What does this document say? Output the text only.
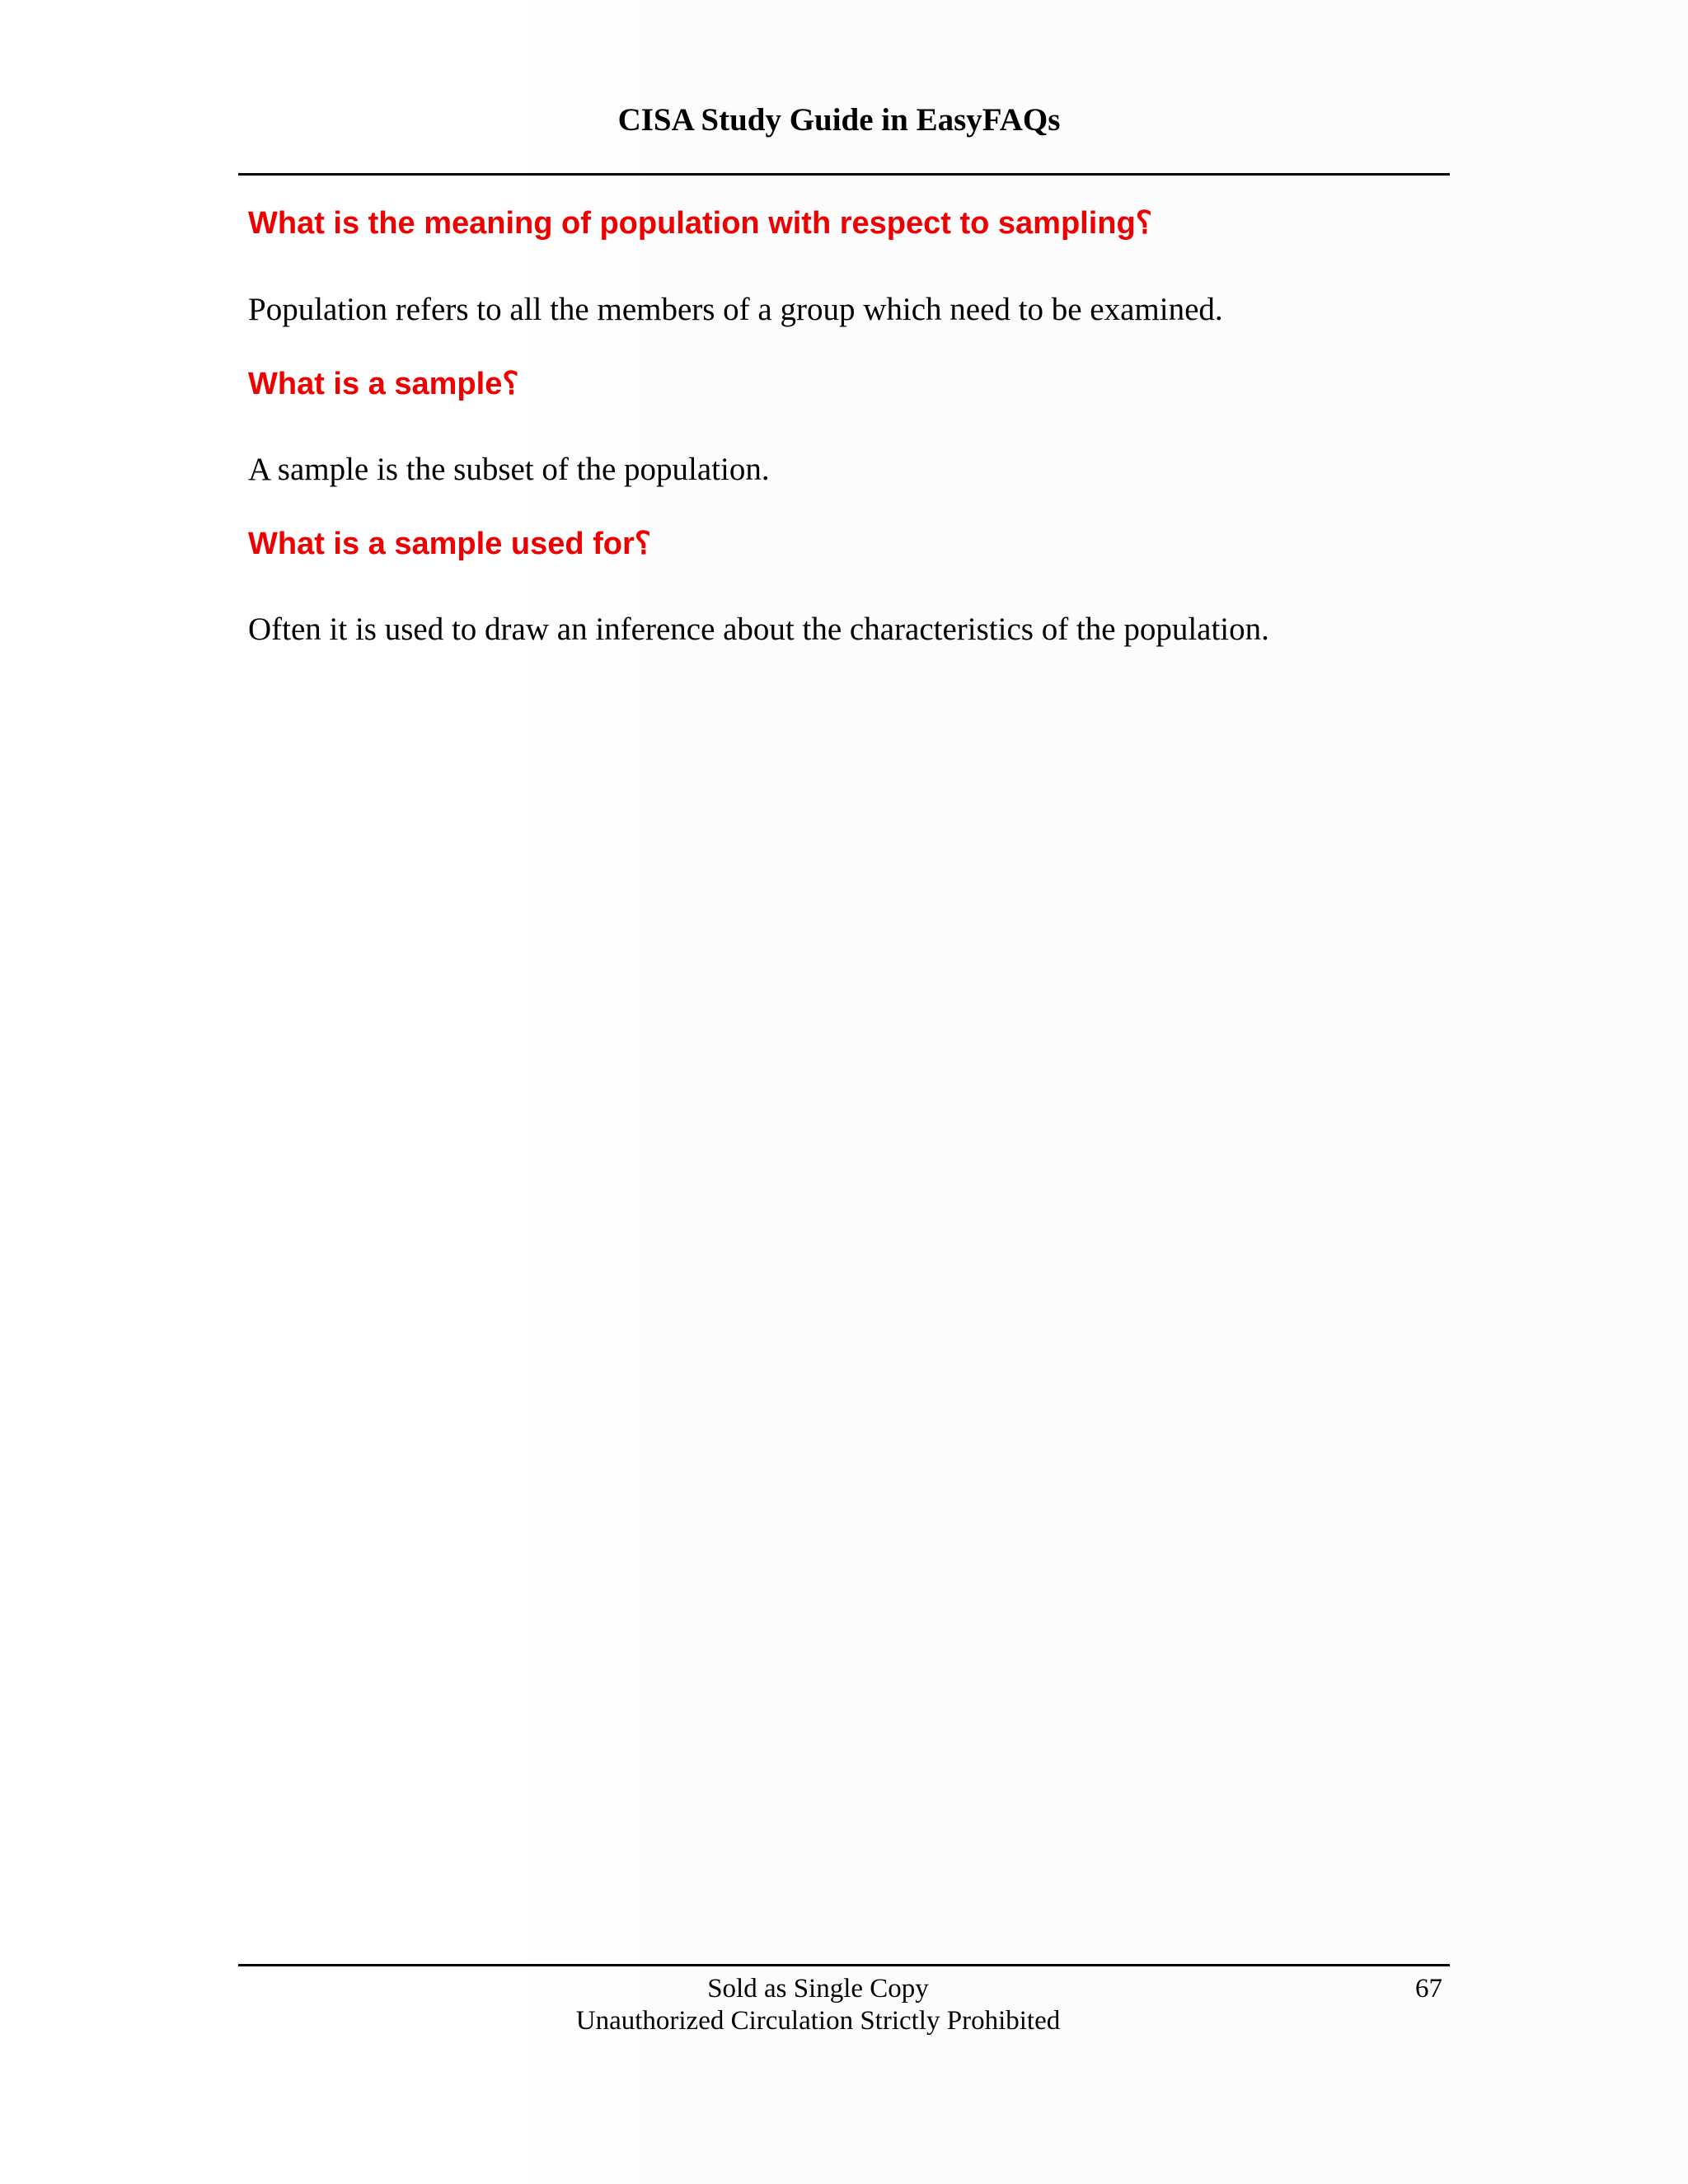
CISA Study Guide in EasyFAQs
What is the meaning of population with respect to sampling؟
Population refers to all the members of a group which need to be examined.
What is a sample؟
A sample is the subset of the population.
What is a sample used for؟
Often it is used to draw an inference about the characteristics of the population.
Sold as Single Copy
Unauthorized Circulation Strictly Prohibited
67
